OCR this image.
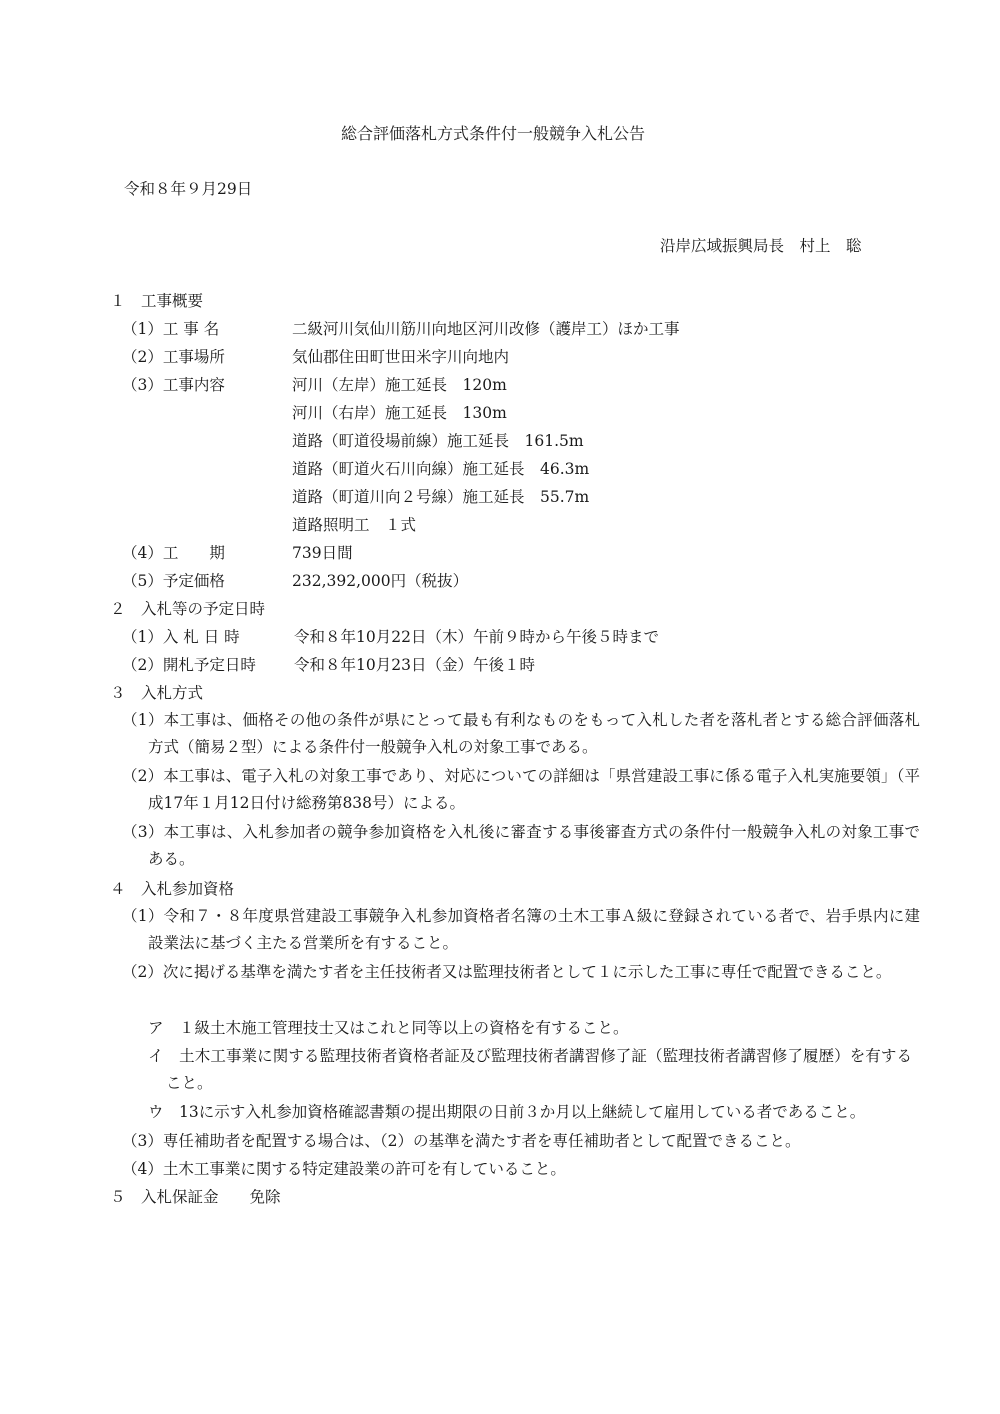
総合評価落札方式条件付一般競争入札公告
令和８年９月29日
沿岸広域振興局長　村上　聡
１　工事概要
（1）工 事 名	二級河川気仙川筋川向地区河川改修（護岸工）ほか工事
（2）工事場所	気仙郡住田町世田米字川向地内
（3）工事内容	河川（左岸）施工延長　120m
河川（右岸）施工延長　130m
道路（町道役場前線）施工延長　161.5m
道路（町道火石川向線）施工延長　46.3m
道路（町道川向２号線）施工延長　55.7m
道路照明工　１式
（4）工　　期	739日間
（5）予定価格	232,392,000円（税抜）
２　入札等の予定日時
（1）入 札 日 時	令和８年10月22日（木）午前９時から午後５時まで
（2）開札予定日時 令和８年10月23日（金）午後１時
３　入札方式
（1）本工事は、価格その他の条件が県にとって最も有利なものをもって入札した者を落札者とする総合評価落札方式（簡易２型）による条件付一般競争入札の対象工事である。
（2）本工事は、電子入札の対象工事であり、対応についての詳細は「県営建設工事に係る電子入札実施要領」（平成17年１月12日付け総務第838号）による。
（3）本工事は、入札参加者の競争参加資格を入札後に審査する事後審査方式の条件付一般競争入札の対象工事である。
４　入札参加資格
（1）令和７・８年度県営建設工事競争入札参加資格者名簿の土木工事Ａ級に登録されている者で、岩手県内に建設業法に基づく主たる営業所を有すること。
（2）次に掲げる基準を満たす者を主任技術者又は監理技術者として１に示した工事に専任で配置できること。
ア　１級土木施工管理技士又はこれと同等以上の資格を有すること。
イ　土木工事業に関する監理技術者資格者証及び監理技術者講習修了証（監理技術者講習修了履歴）を有すること。
ウ　13に示す入札参加資格確認書類の提出期限の日前３か月以上継続して雇用している者であること。
（3）専任補助者を配置する場合は、（2）の基準を満たす者を専任補助者として配置できること。
（4）土木工事業に関する特定建設業の許可を有していること。
５　入札保証金　　免除
